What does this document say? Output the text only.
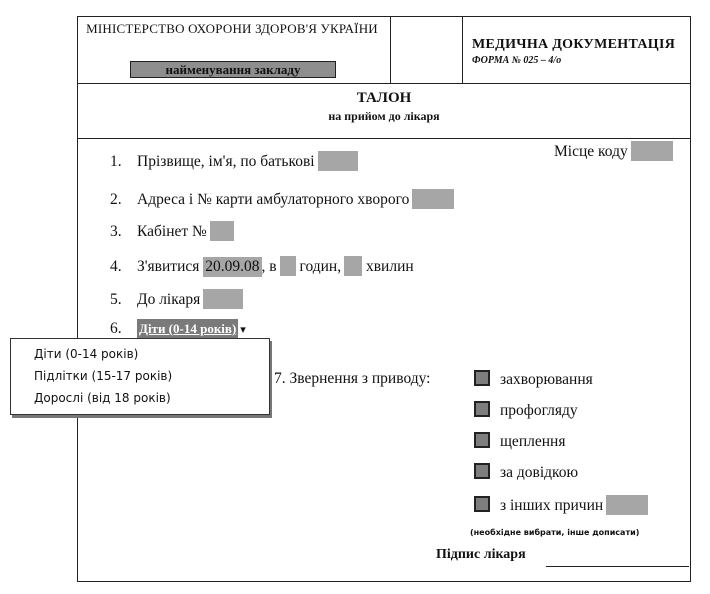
МІНІСТЕРСТВО ОХОРОНИ ЗДОРОВ'Я УКРАЇНИ
найменування закладу
МЕДИЧНА ДОКУМЕНТАЦІЯ
ФОРМА № 025 – 4/о
ТАЛОН
на прийом до лікаря
Місце коду
1. Прізвище, ім'я, по батькові
2. Адреса і № карти амбулаторного хворого
3. Кабінет №
4. З'явитися 20.09.08 , в годин, хвилин
5. До лікаря
6. Діти (0-14 років) ▾
Діти (0-14 років)
Підлітки (15-17 років)
Дорослі (від 18 років)
7. Звернення з приводу:	захворювання
профогляду
щеплення
за довідкою
з інших причин
(необхідне вибрати, інше дописати)
Підпис лікаря
